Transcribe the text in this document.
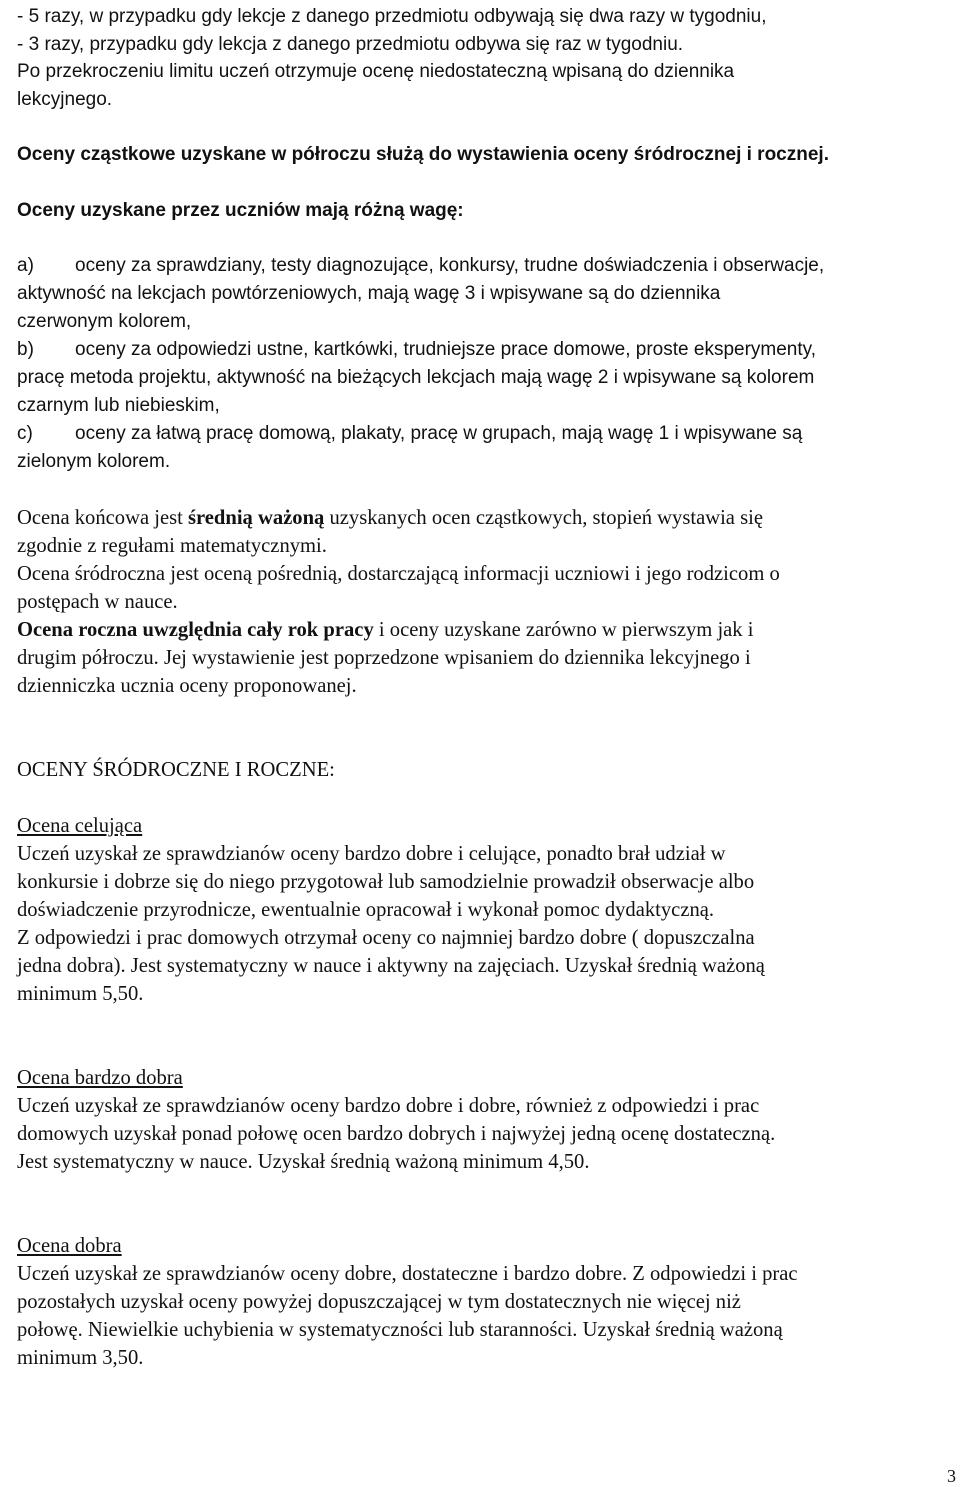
- 5 razy, w przypadku gdy lekcje z danego przedmiotu odbywają się dwa razy w tygodniu,
- 3 razy, przypadku gdy lekcja z danego przedmiotu odbywa się raz w tygodniu.
Po przekroczeniu limitu uczeń otrzymuje ocenę niedostateczną wpisaną do dziennika
lekcyjnego.
Oceny cząstkowe uzyskane w półroczu służą do wystawienia oceny śródrocznej i rocznej.
Oceny uzyskane przez uczniów mają różną wagę:
a) oceny za sprawdziany, testy diagnozujące, konkursy, trudne doświadczenia i obserwacje,
aktywność na lekcjach powtórzeniowych, mają wagę 3 i wpisywane są do dziennika
czerwonym kolorem,
b) oceny za odpowiedzi ustne, kartkówki, trudniejsze prace domowe, proste eksperymenty,
pracę metoda projektu, aktywność na bieżących lekcjach mają wagę 2 i wpisywane są kolorem
czarnym lub niebieskim,
c) oceny za łatwą pracę domową, plakaty, pracę w grupach, mają wagę 1 i wpisywane są
zielonym kolorem.
Ocena końcowa jest średnią ważoną uzyskanych ocen cząstkowych, stopień wystawia się
zgodnie z regułami matematycznymi.
Ocena śródroczna jest oceną pośrednią, dostarczającą informacji uczniowi i jego rodzicom o
postępach w nauce.
Ocena roczna uwzględnia cały rok pracy i oceny uzyskane zarówno w pierwszym jak i
drugim półroczu. Jej wystawienie jest poprzedzone wpisaniem do dziennika lekcyjnego i
dzienniczka ucznia oceny proponowanej.
OCENY ŚRÓDROCZNE I ROCZNE:
Ocena celująca
Uczeń uzyskał ze sprawdzianów oceny bardzo dobre i celujące, ponadto brał udział w
konkursie i dobrze się do niego przygotował lub samodzielnie prowadził obserwacje albo
doświadczenie przyrodnicze, ewentualnie opracował i wykonał pomoc dydaktyczną.
Z odpowiedzi i prac domowych otrzymał oceny co najmniej bardzo dobre ( dopuszczalna
jedna dobra). Jest systematyczny w nauce i aktywny na zajęciach. Uzyskał średnią ważoną
minimum 5,50.
Ocena bardzo dobra
Uczeń uzyskał ze sprawdzianów oceny bardzo dobre i dobre, również z odpowiedzi i prac
domowych uzyskał ponad połowę ocen bardzo dobrych i najwyżej jedną ocenę dostateczną.
Jest systematyczny w nauce. Uzyskał średnią ważoną minimum 4,50.
Ocena dobra
Uczeń uzyskał ze sprawdzianów oceny dobre, dostateczne i bardzo dobre. Z odpowiedzi i prac
pozostałych uzyskał oceny powyżej dopuszczającej w tym dostatecznych nie więcej niż
połowę. Niewielkie uchybienia w systematyczności lub staranności. Uzyskał średnią ważoną
minimum 3,50.
3
